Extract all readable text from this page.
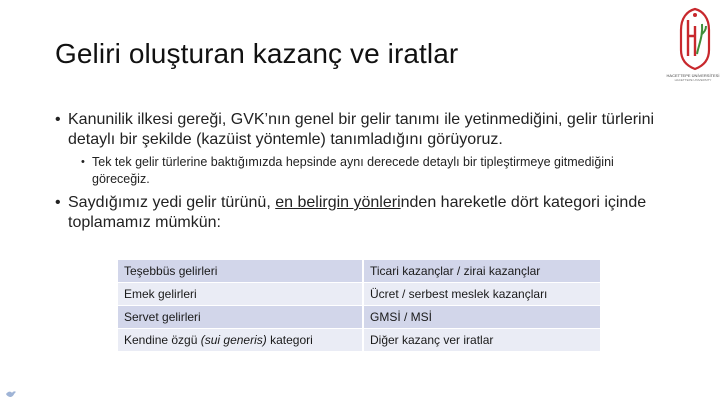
Geliri oluşturan kazanç ve iratlar
HACETTEPE ÜNİVERSİTESİ
HACETTEPE UNIVERSITY
• Kanunilik ilkesi gereği, GVK’nın genel bir gelir tanımı ile yetinmediğini, gelir türlerini detaylı bir şekilde (kazüist yöntemle) tanımladığını görüyoruz.
• Tek tek gelir türlerine baktığımızda hepsinde aynı derecede detaylı bir tipleştirmeye gitmediğini göreceğiz.
• Saydığımız yedi gelir türünü, en belirgin yönlerinden hareketle dört kategori içinde toplamamız mümkün:
Teşebbüs gelirleri	Ticari kazançlar / zirai kazançlar
Emek gelirleri	Ücret / serbest meslek kazançları
Servet gelirleri	GMSİ / MSİ
Kendine özgü (sui generis) kategori	Diğer kazanç ver iratlar
